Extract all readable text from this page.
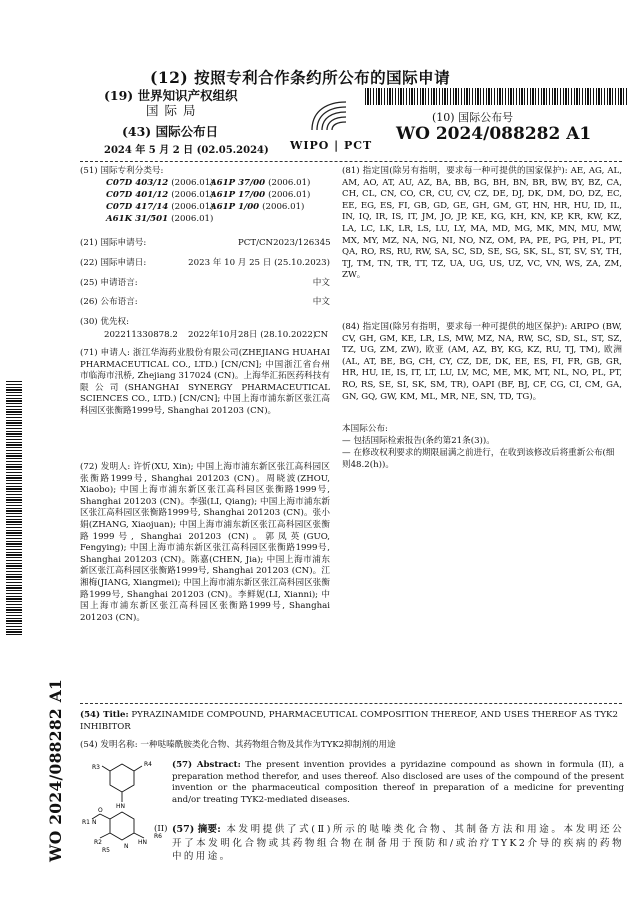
(12) 按照专利合作条约所公布的国际申请
(19) 世界知识产权组织
国 际 局
(43) 国际公布日
2024 年 5 月 2 日 (02.05.2024) WIPO | PCT
(10) 国际公布号
WO 2024/088282 A1
(51) 国际专利分类号:
C07D 403/12 (2006.01)
A61P 37/00 (2006.01)
C07D 401/12 (2006.01)
A61P 17/00 (2006.01)
C07D 417/14 (2006.01)
A61P 1/00 (2006.01)
A61K 31/501 (2006.01)
(21) 国际申请号:	PCT/CN2023/126345
(22) 国际申请日:	2023 年 10 月 25 日 (25.10.2023)
(25) 申请语言:	中文
(26) 公布语言:	中文
(30) 优先权:
202211330878.2 2022年10月28日 (28.10.2022)
CN
(71) 申请人: 浙江华海药业股份有限公司(ZHEJIANG HUAHAI PHARMACEUTICAL CO., LTD.) [CN/CN]; 中国浙江省台州市临海市汛桥, Zhejiang 317024 (CN)。上海华汇拓医药科技有限公司(SHANGHAI SYNERGY PHARMACEUTICAL SCIENCES CO., LTD.) [CN/CN]; 中国上海市浦东新区张江高科园区张衡路1999号, Shanghai 201203 (CN)。
(72) 发明人: 许忻(XU, Xin); 中国上海市浦东新区张江高科园区张衡路1999号, Shanghai 201203 (CN)。周晓波(ZHOU, Xiaobo); 中国上海市浦东新区张江高科园区张衡路1999号, Shanghai 201203 (CN)。李强(LI, Qiang); 中国上海市浦东新区张江高科园区张衡路1999号, Shanghai 201203 (CN)。张小娟(ZHANG, Xiaojuan); 中国上海市浦东新区张江高科园区张衡路1999号, Shanghai 201203 (CN)。郭凤英(GUO, Fengying); 中国上海市浦东新区张江高科园区张衡路1999号, Shanghai 201203 (CN)。陈嘉(CHEN, Jia); 中国上海市浦东新区张江高科园区张衡路1999号, Shanghai 201203 (CN)。江湘梅(JIANG, Xiangmei); 中国上海市浦东新区张江高科园区张衡路1999号, Shanghai 201203 (CN)。李鲜妮(LI, Xianni); 中国上海市浦东新区张江高科园区张衡路1999号, Shanghai 201203 (CN)。
(81) 指定国(除另有指明，要求每一种可提供的国家保护): AE, AG, AL, AM, AO, AT, AU, AZ, BA, BB, BG, BH, BN, BR, BW, BY, BZ, CA, CH, CL, CN, CO, CR, CU, CV, CZ, DE, DJ, DK, DM, DO, DZ, EC, EE, EG, ES, FI, GB, GD, GE, GH, GM, GT, HN, HR, HU, ID, IL, IN, IQ, IR, IS, IT, JM, JO, JP, KE, KG, KH, KN, KP, KR, KW, KZ, LA, LC, LK, LR, LS, LU, LY, MA, MD, MG, MK, MN, MU, MW, MX, MY, MZ, NA, NG, NI, NO, NZ, OM, PA, PE, PG, PH, PL, PT, QA, RO, RS, RU, RW, SA, SC, SD, SE, SG, SK, SL, ST, SV, SY, TH, TJ, TM, TN, TR, TT, TZ, UA, UG, US, UZ, VC, VN, WS, ZA, ZM, ZW。
(84) 指定国(除另有指明，要求每一种可提供的地区保护): ARIPO (BW, CV, GH, GM, KE, LR, LS, MW, MZ, NA, RW, SC, SD, SL, ST, SZ, TZ, UG, ZM, ZW), 欧亚 (AM, AZ, BY, KG, KZ, RU, TJ, TM), 欧洲 (AL, AT, BE, BG, CH, CY, CZ, DE, DK, EE, ES, FI, FR, GB, GR, HR, HU, IE, IS, IT, LT, LU, LV, MC, ME, MK, MT, NL, NO, PL, PT, RO, RS, SE, SI, SK, SM, TR), OAPI (BF, BJ, CF, CG, CI, CM, GA, GN, GQ, GW, KM, ML, MR, NE, SN, TD, TG)。
本国际公布:
— 包括国际检索报告(条约第21条(3))。
— 在修改权利要求的期限届满之前进行，在收到该修改后将重新公布(细则48.2(h))。
(54) Title: PYRAZINAMIDE COMPOUND, PHARMACEUTICAL COMPOSITION THEREOF, AND USES THEREOF AS TYK2 INHIBITOR
(54) 发明名称: 一种哒嗪酰胺类化合物、其药物组合物及其作为TYK2抑制剂的用途
R4
R3
HN
O
R1 N
R2
N
HN
R6
R5
(57) Abstract: The present invention provides a pyridazine compound as shown in formula (II), a preparation method therefor, and uses thereof. Also disclosed are uses of the compound of the present invention or the pharmaceutical composition thereof in preparation of a medicine for preventing and/or treating TYK2-mediated diseases.
(II) (57) 摘要: 本发明提供了式(Ⅱ)所示的哒嗪类化合物、其制备方法和用途。本发明还公开了本发明化合物或其药物组合物在制备用于预防和/或治疗TYK2介导的疾病的药物中的用途。
WO 2024/088282 A1
